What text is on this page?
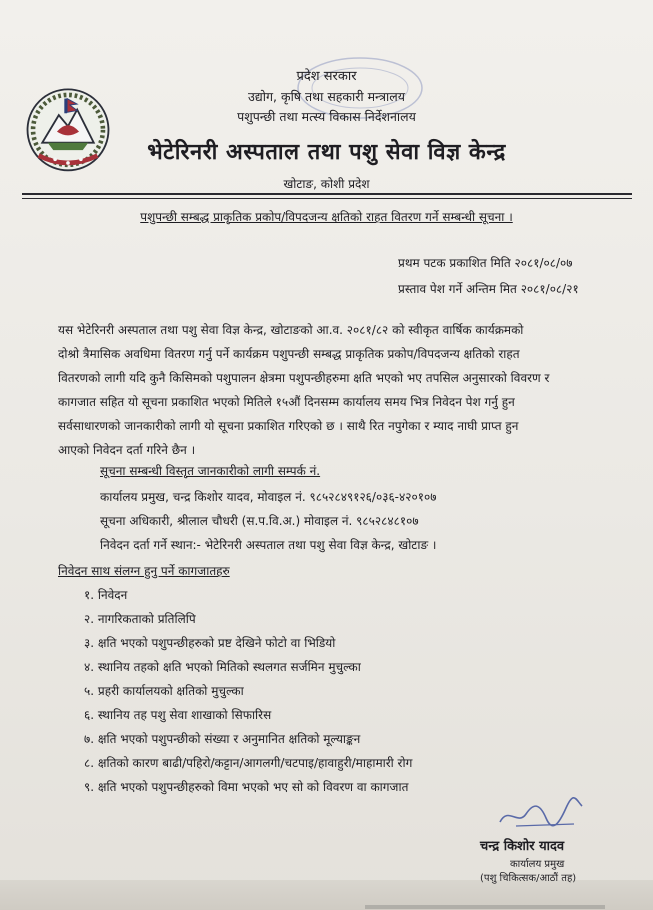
प्रदेश सरकार
उद्योग, कृषि तथा सहकारी मन्त्रालय
पशुपन्छी तथा मत्स्य विकास निर्देशनालय
भेटेरिनरी अस्पताल तथा पशु सेवा विज्ञ केन्द्र
खोटाङ, कोशी प्रदेश
पशुपन्छी सम्बद्ध प्राकृतिक प्रकोप/विपदजन्य क्षतिको राहत वितरण गर्ने सम्बन्धी सूचना ।
प्रथम पटक प्रकाशित मिति २०८१/०८/०७
प्रस्ताव पेश गर्ने अन्तिम मित २०८१/०८/२१
यस भेटेरिनरी अस्पताल तथा पशु सेवा विज्ञ केन्द्र, खोटाङको आ.व. २०८१/८२ को स्वीकृत वार्षिक कार्यक्रमको
दोश्रो त्रैमासिक अवधिमा वितरण गर्नु पर्ने कार्यक्रम पशुपन्छी सम्बद्ध प्राकृतिक प्रकोप/विपदजन्य क्षतिको राहत
वितरणको लागी यदि कुनै किसिमको पशुपालन क्षेत्रमा पशुपन्छीहरुमा क्षति भएको भए तपसिल अनुसारको विवरण र
कागजात सहित यो सूचना प्रकाशित भएको मितिले १५औं दिनसम्म कार्यालय समय भित्र निवेदन पेश गर्नु हुन
सर्वसाधारणको जानकारीको लागी यो सूचना प्रकाशित गरिएको छ । साथै रित नपुगेका र म्याद नाघी प्राप्त हुन
आएको निवेदन दर्ता गरिने छैन ।
सूचना सम्बन्धी विस्तृत जानकारीको लागी सम्पर्क नं.
कार्यालय प्रमुख, चन्द्र किशोर यादव, मोवाइल नं. ९८५२८४९१२६/०३६-४२०१०७
सूचना अधिकारी, श्रीलाल चौधरी (स.प.वि.अ.) मोवाइल नं. ९८५२८४८१०७
निवेदन दर्ता गर्ने स्थान:- भेटेरिनरी अस्पताल तथा पशु सेवा विज्ञ केन्द्र, खोटाङ ।
निवेदन साथ संलग्न हुनु पर्ने कागजातहरु
१. निवेदन
२. नागरिकताको प्रतिलिपि
३. क्षति भएको पशुपन्छीहरुको प्रष्ट देखिने फोटो वा भिडियो
४. स्थानिय तहको क्षति भएको मितिको स्थलगत सर्जमिन मुचुल्का
५. प्रहरी कार्यालयको क्षतिको मुचुल्का
६. स्थानिय तह पशु सेवा शाखाको सिफारिस
७. क्षति भएको पशुपन्छीको संख्या र अनुमानित क्षतिको मूल्याङ्कन
८. क्षतिको कारण बाढी/पहिरो/कट्टान/आगलगी/चटपाइ/हावाहुरी/माहामारी रोग
९. क्षति भएको पशुपन्छीहरुको विमा भएको भए सो को विवरण वा कागजात
चन्द्र किशोर यादव
कार्यालय प्रमुख
(पशु चिकित्सक/आठौं तह)
